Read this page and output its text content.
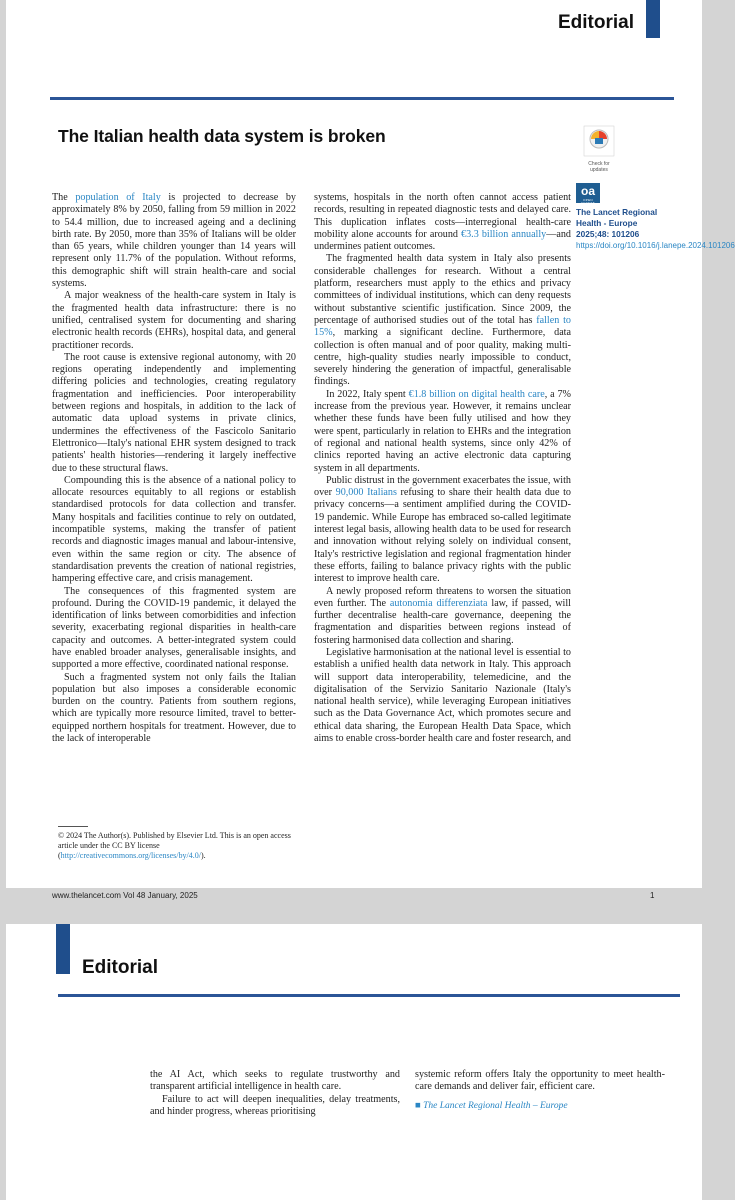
Editorial
The Italian health data system is broken
Check for updates
oa
OPEN ACCESS
The Lancet Regional Health - Europe
2025;48: 101206
https://doi.org/10.1016/j.lanepe.2024.101206

The population of Italy is projected to decrease by approximately 8% by 2050, falling from 59 million in 2022 to 54.4 million, due to increased ageing and a declining birth rate. By 2050, more than 35% of Italians will be older than 65 years, while children younger than 14 years will represent only 11.7% of the population. Without reforms, this demographic shift will strain health-care and social systems.

A major weakness of the health-care system in Italy is the fragmented health data infrastructure: there is no unified, centralised system for documenting and sharing electronic health records (EHRs), hospital data, and general practitioner records.

The root cause is extensive regional autonomy, with 20 regions operating independently and implementing differing policies and technologies, creating regulatory fragmentation and inefficiencies. Poor interoperability between regions and hospitals, in addition to the lack of automatic data upload systems in private clinics, undermines the effectiveness of the Fascicolo Sanitario Elettronico—Italy's national EHR system designed to track patients' health histories—rendering it largely ineffective due to these structural flaws.

Compounding this is the absence of a national policy to allocate resources equitably to all regions or establish standardised protocols for data collection and transfer. Many hospitals and facilities continue to rely on outdated, incompatible systems, making the transfer of patient records and diagnostic images manual and labour-intensive, even within the same region or city. The absence of standardisation prevents the creation of national registries, hampering effective care, and crisis management.

The consequences of this fragmented system are profound. During the COVID-19 pandemic, it delayed the identification of links between comorbidities and infection severity, exacerbating regional disparities in health-care capacity and outcomes. A better-integrated system could have enabled broader analyses, generalisable insights, and supported a more effective, coordinated national response.

Such a fragmented system not only fails the Italian population but also imposes a considerable economic burden on the country. Patients from southern regions, which are typically more resource limited, travel to better-equipped northern hospitals for treatment. However, due to the lack of interoperable

© 2024 The Author(s). Published by Elsevier Ltd. This is an open access article under the CC BY license (http://creativecommons.org/licenses/by/4.0/).

systems, hospitals in the north often cannot access patient records, resulting in repeated diagnostic tests and delayed care. This duplication inflates costs—interregional health-care mobility alone accounts for around €3.3 billion annually—and undermines patient outcomes.

The fragmented health data system in Italy also presents considerable challenges for research. Without a central platform, researchers must apply to the ethics and privacy committees of individual institutions, which can deny requests without substantive scientific justification. Since 2009, the percentage of authorised studies out of the total has fallen to 15%, marking a significant decline. Furthermore, data collection is often manual and of poor quality, making multi-centre, high-quality studies nearly impossible to conduct, severely hindering the generation of impactful, generalisable findings.

In 2022, Italy spent €1.8 billion on digital health care, a 7% increase from the previous year. However, it remains unclear whether these funds have been fully utilised and how they were spent, particularly in relation to EHRs and the integration of regional and national health systems, since only 42% of clinics reported having an active electronic data capturing system in all departments.

Public distrust in the government exacerbates the issue, with over 90,000 Italians refusing to share their health data due to privacy concerns—a sentiment amplified during the COVID-19 pandemic. While Europe has embraced so-called legitimate interest legal basis, allowing health data to be used for research and innovation without relying solely on individual consent, Italy's restrictive legislation and regional fragmentation hinder these efforts, failing to balance privacy rights with the public interest to improve health care.

A newly proposed reform threatens to worsen the situation even further. The autonomia differenziata law, if passed, will further decentralise health-care governance, deepening the fragmentation and disparities between regions instead of fostering harmonised data collection and sharing.

Legislative harmonisation at the national level is essential to establish a unified health data network in Italy. This approach will support data interoperability, telemedicine, and the digitalisation of the Servizio Sanitario Nazionale (Italy's national health service), while leveraging European initiatives such as the Data Governance Act, which promotes secure and ethical data sharing, the European Health Data Space, which aims to enable cross-border health care and foster research, and

www.thelancet.com Vol 48 January, 2025	1
Editorial

the AI Act, which seeks to regulate trustworthy and transparent artificial intelligence in health care.

Failure to act will deepen inequalities, delay treatments, and hinder progress, whereas prioritising

systemic reform offers Italy the opportunity to meet health-care demands and deliver fair, efficient care.

■ The Lancet Regional Health – Europe
